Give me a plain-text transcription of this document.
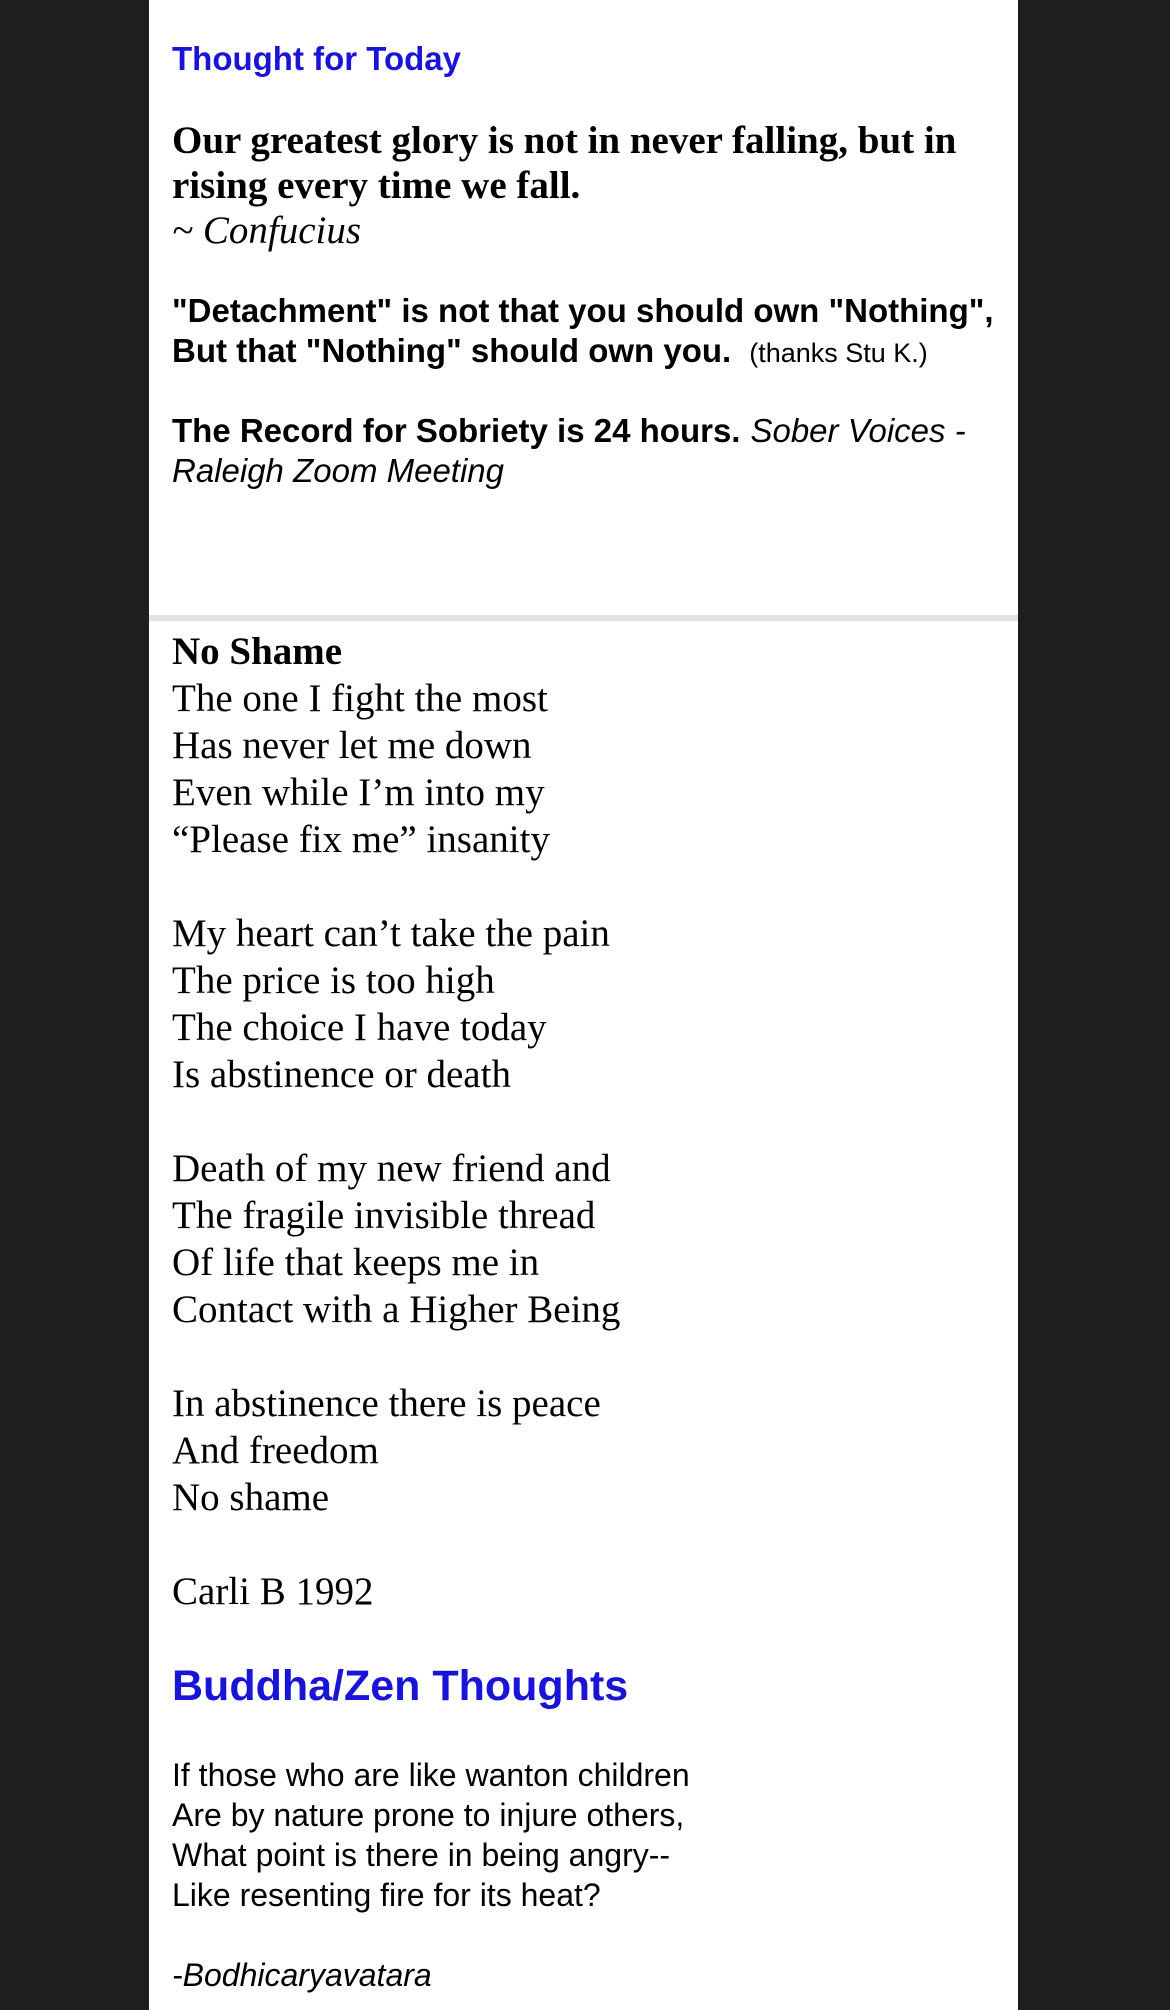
Thought for Today

Our greatest glory is not in never falling, but in rising every time we fall.

~ Confucius

"Detachment" is not that you should own "Nothing",
But that "Nothing" should own you. (thanks Stu K.)

The Record for Sobriety is 24 hours. Sober Voices - Raleigh Zoom Meeting

No Shame

The one I fight the most

Has never let me down

Even while I’m into my

“Please fix me” insanity

My heart can’t take the pain

The price is too high

The choice I have today

Is abstinence or death

Death of my new friend and

The fragile invisible thread

Of life that keeps me in

Contact with a Higher Being

In abstinence there is peace

And freedom

No shame

Carli B 1992

Buddha/Zen Thoughts

If those who are like wanton children

Are by nature prone to injure others,

What point is there in being angry--

Like resenting fire for its heat?

-Bodhicaryavatara
